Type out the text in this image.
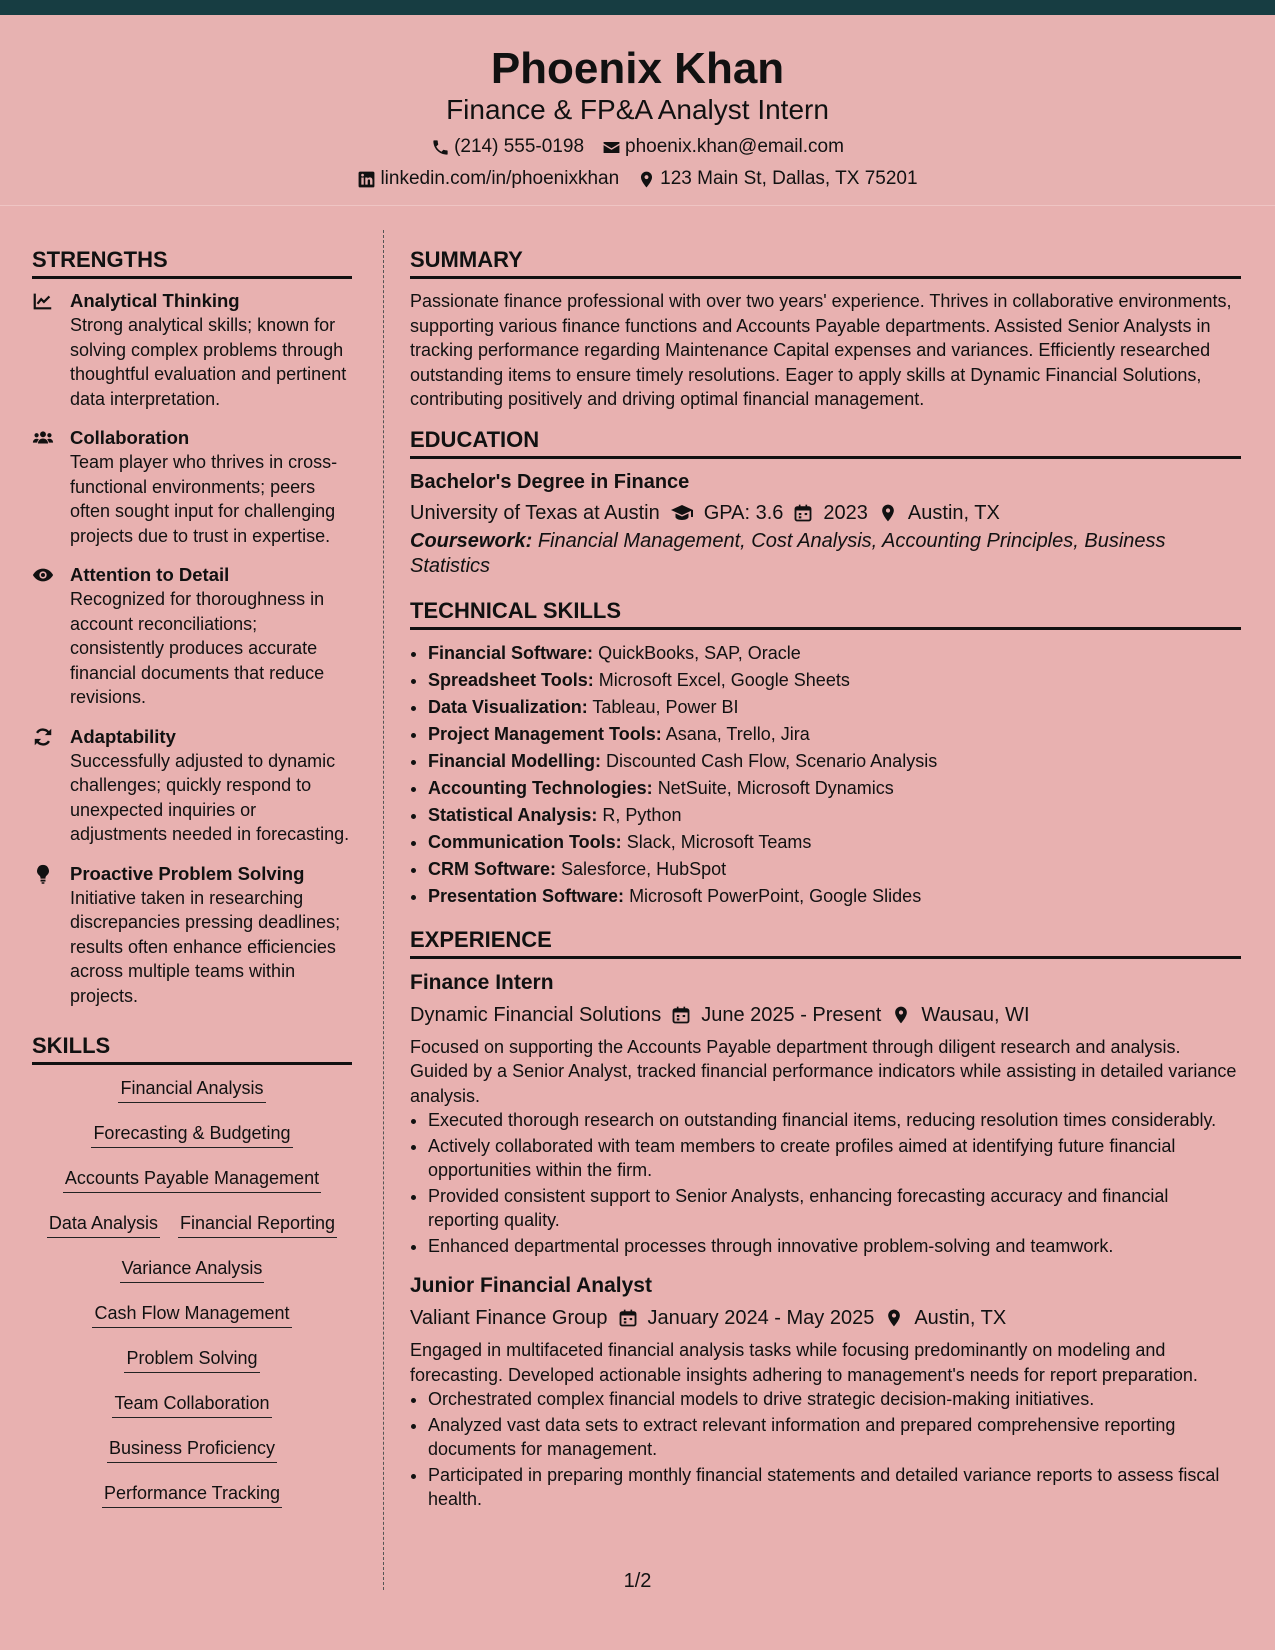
Phoenix Khan
Finance & FP&A Analyst Intern
(214) 555-0198 phoenix.khan@email.com
linkedin.com/in/phoenixkhan 123 Main St, Dallas, TX 75201
STRENGTHS
Analytical Thinking
Strong analytical skills; known for solving complex problems through thoughtful evaluation and pertinent data interpretation.
Collaboration
Team player who thrives in cross-functional environments; peers often sought input for challenging projects due to trust in expertise.
Attention to Detail
Recognized for thoroughness in account reconciliations; consistently produces accurate financial documents that reduce revisions.
Adaptability
Successfully adjusted to dynamic challenges; quickly respond to unexpected inquiries or adjustments needed in forecasting.
Proactive Problem Solving
Initiative taken in researching discrepancies pressing deadlines; results often enhance efficiencies across multiple teams within projects.
SKILLS
Financial Analysis
Forecasting & Budgeting
Accounts Payable Management
Data Analysis Financial Reporting
Variance Analysis
Cash Flow Management
Problem Solving
Team Collaboration
Business Proficiency
Performance Tracking
SUMMARY

Passionate finance professional with over two years' experience. Thrives in collaborative environments, supporting various finance functions and Accounts Payable departments. Assisted Senior Analysts in tracking performance regarding Maintenance Capital expenses and variances. Efficiently researched outstanding items to ensure timely resolutions. Eager to apply skills at Dynamic Financial Solutions, contributing positively and driving optimal financial management.

EDUCATION
Bachelor's Degree in Finance
University of Texas at Austin GPA: 3.6 2023 Austin, TX
Coursework: Financial Management, Cost Analysis, Accounting Principles, Business Statistics
TECHNICAL SKILLS
• Financial Software: QuickBooks, SAP, Oracle
• Spreadsheet Tools: Microsoft Excel, Google Sheets
• Data Visualization: Tableau, Power BI
• Project Management Tools: Asana, Trello, Jira
• Financial Modelling: Discounted Cash Flow, Scenario Analysis
• Accounting Technologies: NetSuite, Microsoft Dynamics
• Statistical Analysis: R, Python
• Communication Tools: Slack, Microsoft Teams
• CRM Software: Salesforce, HubSpot
• Presentation Software: Microsoft PowerPoint, Google Slides
EXPERIENCE
Finance Intern
Dynamic Financial Solutions June 2025 - Present Wausau, WI

Focused on supporting the Accounts Payable department through diligent research and analysis. Guided by a Senior Analyst, tracked financial performance indicators while assisting in detailed variance analysis.

• Executed thorough research on outstanding financial items, reducing resolution times considerably.
• Actively collaborated with team members to create profiles aimed at identifying future financial opportunities within the firm.
• Provided consistent support to Senior Analysts, enhancing forecasting accuracy and financial reporting quality.
• Enhanced departmental processes through innovative problem-solving and teamwork.
Junior Financial Analyst
Valiant Finance Group January 2024 - May 2025 Austin, TX

Engaged in multifaceted financial analysis tasks while focusing predominantly on modeling and forecasting. Developed actionable insights adhering to management's needs for report preparation.

• Orchestrated complex financial models to drive strategic decision-making initiatives.
• Analyzed vast data sets to extract relevant information and prepared comprehensive reporting documents for management.
• Participated in preparing monthly financial statements and detailed variance reports to assess fiscal health.
1/2
